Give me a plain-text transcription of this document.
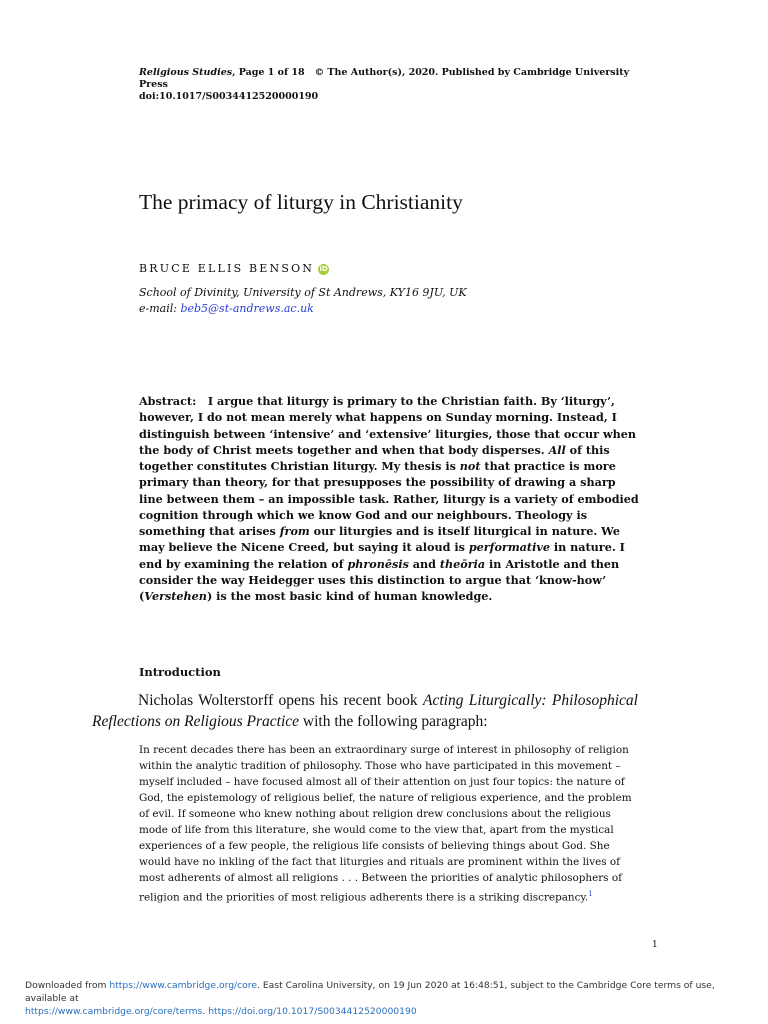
Religious Studies, Page 1 of 18 © The Author(s), 2020. Published by Cambridge University Press
doi:10.1017/S0034412520000190
The primacy of liturgy in Christianity
BRUCE ELLIS BENSON iD
School of Divinity, University of St Andrews, KY16 9JU, UK
e-mail: beb5@st-andrews.ac.uk
Abstract: I argue that liturgy is primary to the Christian faith. By ‘liturgy’, however, I do not mean merely what happens on Sunday morning. Instead, I distinguish between ‘intensive’ and ‘extensive’ liturgies, those that occur when the body of Christ meets together and when that body disperses. All of this together constitutes Christian liturgy. My thesis is not that practice is more primary than theory, for that presupposes the possibility of drawing a sharp line between them – an impossible task. Rather, liturgy is a variety of embodied cognition through which we know God and our neighbours. Theology is something that arises from our liturgies and is itself liturgical in nature. We may believe the Nicene Creed, but saying it aloud is performative in nature. I end by examining the relation of phronēsis and theōria in Aristotle and then consider the way Heidegger uses this distinction to argue that ‘know-how’ (Verstehen) is the most basic kind of human knowledge.
Introduction
Nicholas Wolterstorff opens his recent book Acting Liturgically: Philosophical Reflections on Religious Practice with the following paragraph:
In recent decades there has been an extraordinary surge of interest in philosophy of religion within the analytic tradition of philosophy. Those who have participated in this movement – myself included – have focused almost all of their attention on just four topics: the nature of God, the epistemology of religious belief, the nature of religious experience, and the problem of evil. If someone who knew nothing about religion drew conclusions about the religious mode of life from this literature, she would come to the view that, apart from the mystical experiences of a few people, the religious life consists of believing things about God. She would have no inkling of the fact that liturgies and rituals are prominent within the lives of most adherents of almost all religions . . . Between the priorities of analytic philosophers of religion and the priorities of most religious adherents there is a striking discrepancy.$^1$
1
Downloaded from https://www.cambridge.org/core. East Carolina University, on 19 Jun 2020 at 16:48:51, subject to the Cambridge Core terms of use, available at
https://www.cambridge.org/core/terms. https://doi.org/10.1017/S0034412520000190
